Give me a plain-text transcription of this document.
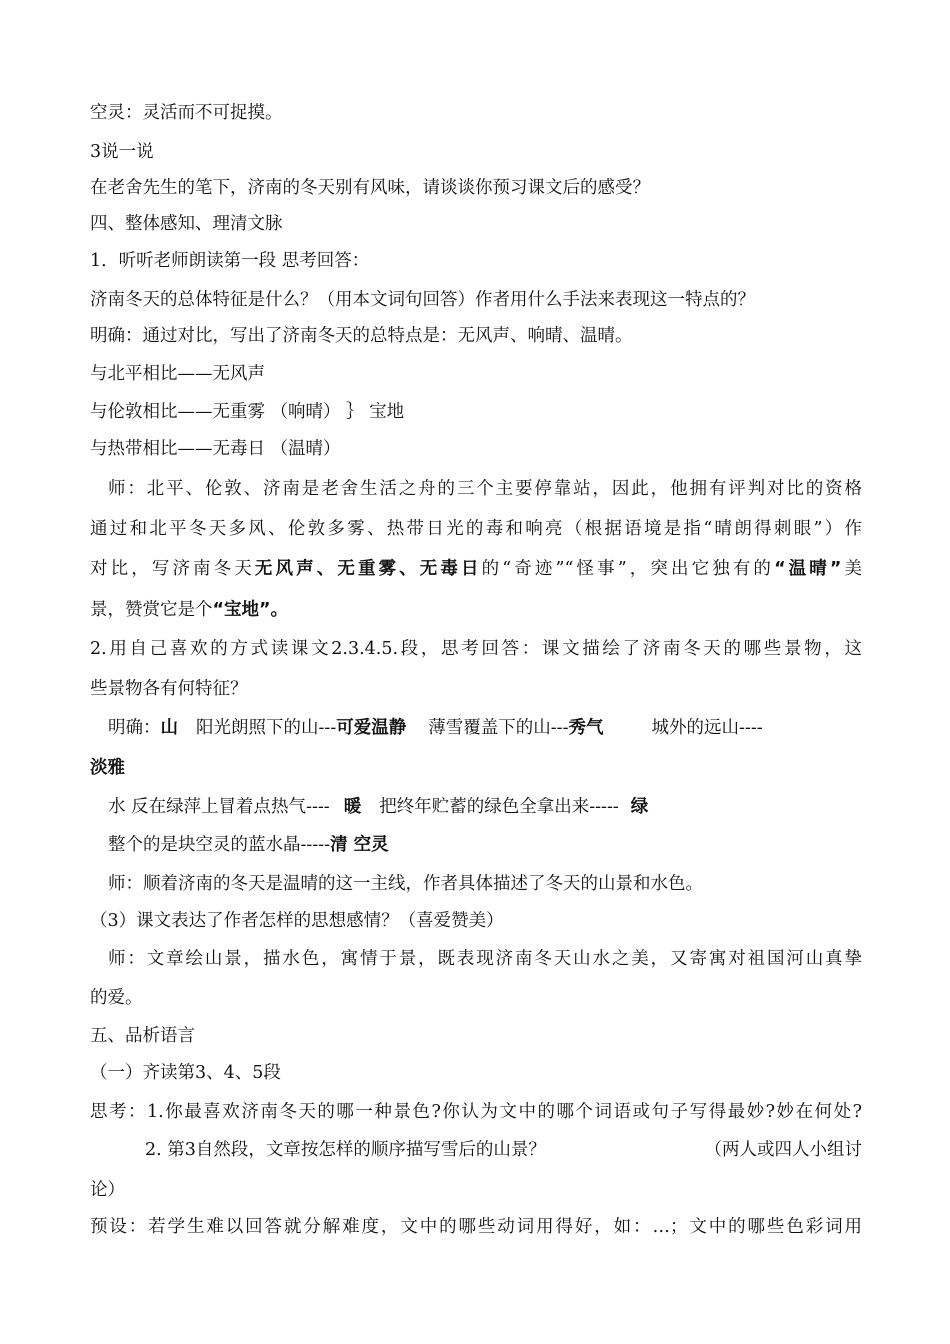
空灵：灵活而不可捉摸。

3说一说

在老舍先生的笔下，济南的冬天别有风味，请谈谈你预习课文后的感受？

四、整体感知、理清文脉

1．听听老师朗读第一段 思考回答：

济南冬天的总体特征是什么？（用本文词句回答）作者用什么手法来表现这一特点的？

明确：通过对比，写出了济南冬天的总特点是：无风声、响晴、温晴。

与北平相比——无风声

与伦敦相比——无重雾 （响晴） ｝ 宝地

与热带相比——无毒日 （温晴）

师：北平、伦敦、济南是老舍生活之舟的三个主要停靠站，因此，他拥有评判对比的资格

通过和北平冬天多风、伦敦多雾、热带日光的毒和响亮（根据语境是指“晴朗得刺眼”）作

对比，写济南冬天无风声、无重雾、无毒日的“奇迹”“怪事”，突出它独有的“温晴”美

景，赞赏它是个“宝地”。

2.用自己喜欢的方式读课文2.3.4.5.段，思考回答：课文描绘了济南冬天的哪些景物，这

些景物各有何特征？

明确：山 阳光朗照下的山---可爱温静 薄雪覆盖下的山---秀气	城外的远山----

淡雅

水 反在绿萍上冒着点热气---- 暖 把终年贮蓄的绿色全拿出来----- 绿

整个的是块空灵的蓝水晶-----清 空灵

师：顺着济南的冬天是温晴的这一主线，作者具体描述了冬天的山景和水色。

（3）课文表达了作者怎样的思想感情？（喜爱赞美）

师：文章绘山景，描水色，寓情于景，既表现济南冬天山水之美，又寄寓对祖国河山真挚

的爱。

五、品析语言

（一）齐读第3、4、5段

思考：1.你最喜欢济南冬天的哪一种景色?你认为文中的哪个词语或句子写得最妙?妙在何处?

2. 第3自然段，文章按怎样的顺序描写雪后的山景？	（两人或四人小组讨

论）

预设：若学生难以回答就分解难度，文中的哪些动词用得好，如：…；文中的哪些色彩词用
